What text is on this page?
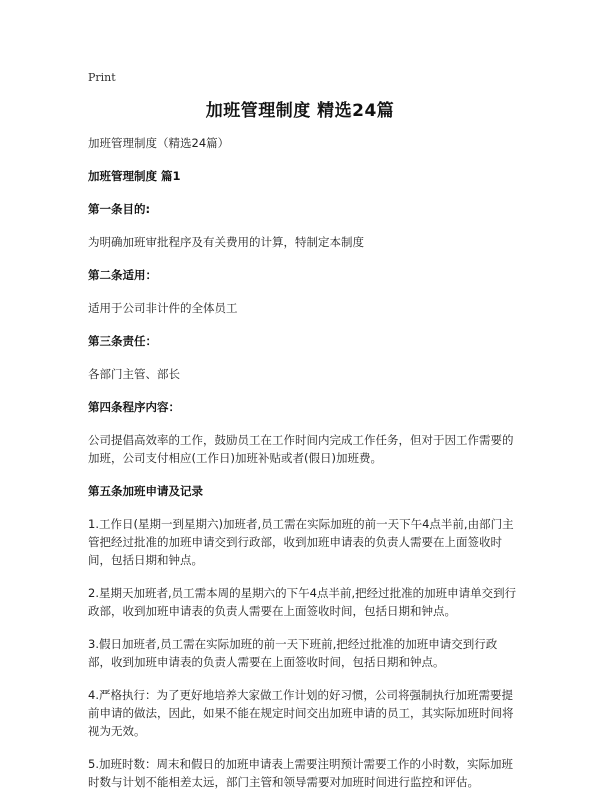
Print
加班管理制度 精选24篇
加班管理制度（精选24篇）
加班管理制度 篇1
第一条目的:
为明确加班审批程序及有关费用的计算，特制定本制度
第二条适用：
适用于公司非计件的全体员工
第三条责任：
各部门主管、部长
第四条程序内容：
公司提倡高效率的工作，鼓励员工在工作时间内完成工作任务，但对于因工作需要的加班，公司支付相应(工作日)加班补贴或者(假日)加班费。
第五条加班申请及记录
1.工作日(星期一到星期六)加班者,员工需在实际加班的前一天下午4点半前,由部门主管把经过批准的加班申请交到行政部，收到加班申请表的负责人需要在上面签收时间，包括日期和钟点。
2.星期天加班者,员工需本周的星期六的下午4点半前,把经过批准的加班申请单交到行政部，收到加班申请表的负责人需要在上面签收时间，包括日期和钟点。
3.假日加班者,员工需在实际加班的前一天下班前,把经过批准的加班申请交到行政部，收到加班申请表的负责人需要在上面签收时间，包括日期和钟点。
4.严格执行：为了更好地培养大家做工作计划的好习惯，公司将强制执行加班需要提前申请的做法，因此，如果不能在规定时间交出加班申请的员工，其实际加班时间将视为无效。
5.加班时数：周末和假日的加班申请表上需要注明预计需要工作的小时数，实际加班时数与计划不能相差太远，部门主管和领导需要对加班时间进行监控和评估。
